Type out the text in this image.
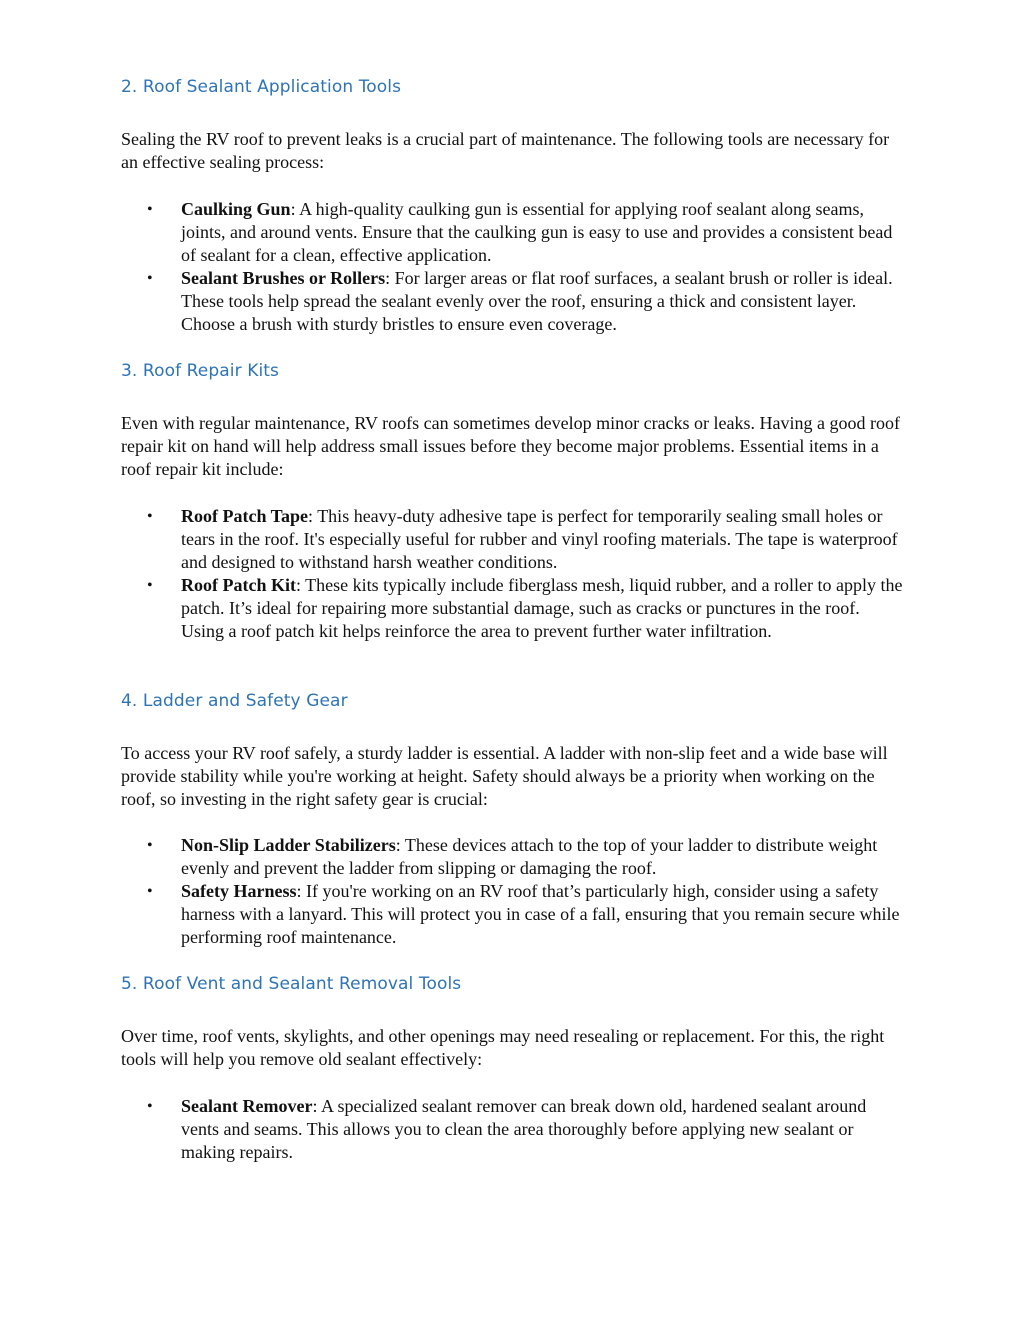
2. Roof Sealant Application Tools

Sealing the RV roof to prevent leaks is a crucial part of maintenance. The following tools are necessary for an effective sealing process:

• Caulking Gun: A high-quality caulking gun is essential for applying roof sealant along seams, joints, and around vents. Ensure that the caulking gun is easy to use and provides a consistent bead of sealant for a clean, effective application.
• Sealant Brushes or Rollers: For larger areas or flat roof surfaces, a sealant brush or roller is ideal. These tools help spread the sealant evenly over the roof, ensuring a thick and consistent layer. Choose a brush with sturdy bristles to ensure even coverage.
3. Roof Repair Kits

Even with regular maintenance, RV roofs can sometimes develop minor cracks or leaks. Having a good roof repair kit on hand will help address small issues before they become major problems. Essential items in a roof repair kit include:

• Roof Patch Tape: This heavy-duty adhesive tape is perfect for temporarily sealing small holes or tears in the roof. It's especially useful for rubber and vinyl roofing materials. The tape is waterproof and designed to withstand harsh weather conditions.
• Roof Patch Kit: These kits typically include fiberglass mesh, liquid rubber, and a roller to apply the patch. It’s ideal for repairing more substantial damage, such as cracks or punctures in the roof. Using a roof patch kit helps reinforce the area to prevent further water infiltration.
4. Ladder and Safety Gear

To access your RV roof safely, a sturdy ladder is essential. A ladder with non-slip feet and a wide base will provide stability while you're working at height. Safety should always be a priority when working on the roof, so investing in the right safety gear is crucial:

• Non-Slip Ladder Stabilizers: These devices attach to the top of your ladder to distribute weight evenly and prevent the ladder from slipping or damaging the roof.
• Safety Harness: If you're working on an RV roof that’s particularly high, consider using a safety harness with a lanyard. This will protect you in case of a fall, ensuring that you remain secure while performing roof maintenance.
5. Roof Vent and Sealant Removal Tools

Over time, roof vents, skylights, and other openings may need resealing or replacement. For this, the right tools will help you remove old sealant effectively:

• Sealant Remover: A specialized sealant remover can break down old, hardened sealant around vents and seams. This allows you to clean the area thoroughly before applying new sealant or making repairs.
